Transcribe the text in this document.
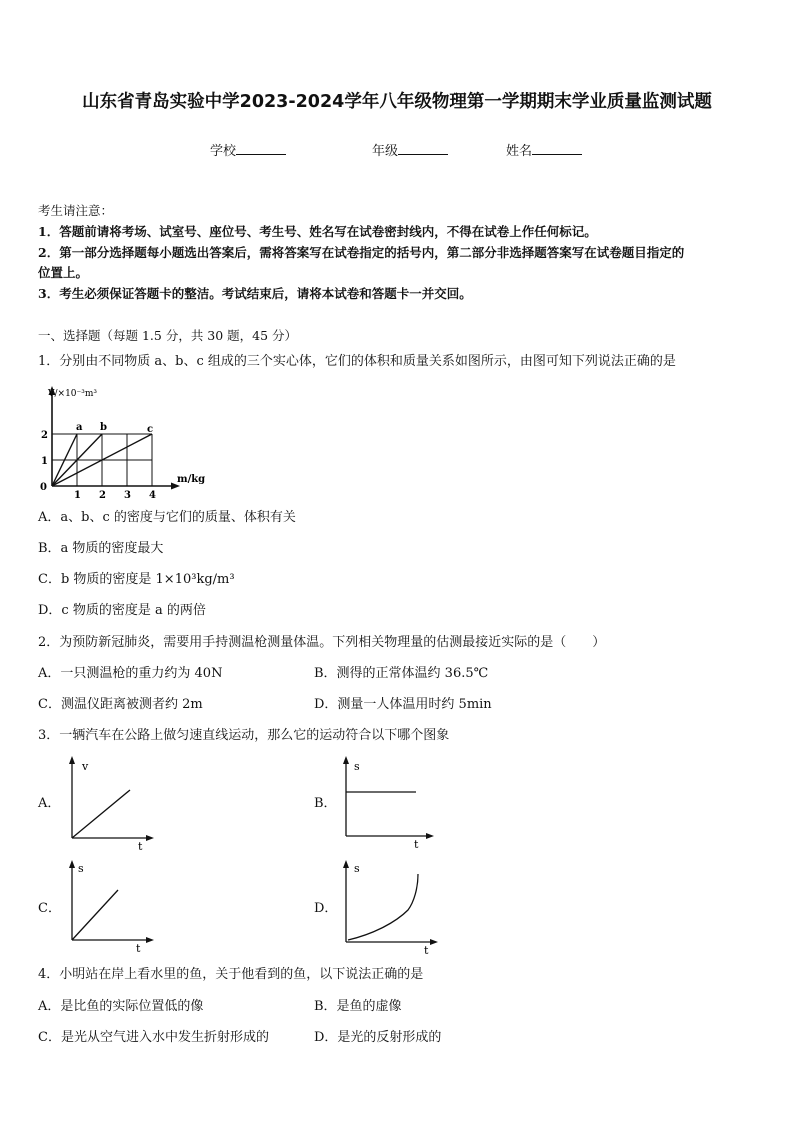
山东省青岛实验中学2023-2024学年八年级物理第一学期期末学业质量监测试题
学校	年级	姓名
考生请注意：
1．答题前请将考场、试室号、座位号、考生号、姓名写在试卷密封线内，不得在试卷上作任何标记。
2．第一部分选择题每小题选出答案后，需将答案写在试卷指定的括号内，第二部分非选择题答案写在试卷题目指定的
位置上。
3．考生必须保证答题卡的整洁。考试结束后，请将本试卷和答题卡一并交回。
一、选择题（每题 1.5 分，共 30 题，45 分）
1．分别由不同物质 a、b、c 组成的三个实心体，它们的体积和质量关系如图所示，由图可知下列说法正确的是
V/×10⁻³m³
m/kg
0
2
1
1 2 3 4
a b	c
A．a、b、c 的密度与它们的质量、体积有关
B．a 物质的密度最大
C．b 物质的密度是 1×10³kg/m³
D．c 物质的密度是 a 的两倍
2．为预防新冠肺炎，需要用手持测温枪测量体温。下列相关物理量的估测最接近实际的是（　　）
A．一只测温枪的重力约为 40N	B．测得的正常体温约 36.5℃
C．测温仪距离被测者约 2m	D．测量一人体温用时约 5min
3．一辆汽车在公路上做匀速直线运动，那么它的运动符合以下哪个图象
A．
v
t
B．
s
t
C．
s
t
D．
s
t
4．小明站在岸上看水里的鱼，关于他看到的鱼，以下说法正确的是
A．是比鱼的实际位置低的像	B．是鱼的虚像
C．是光从空气进入水中发生折射形成的	D．是光的反射形成的
